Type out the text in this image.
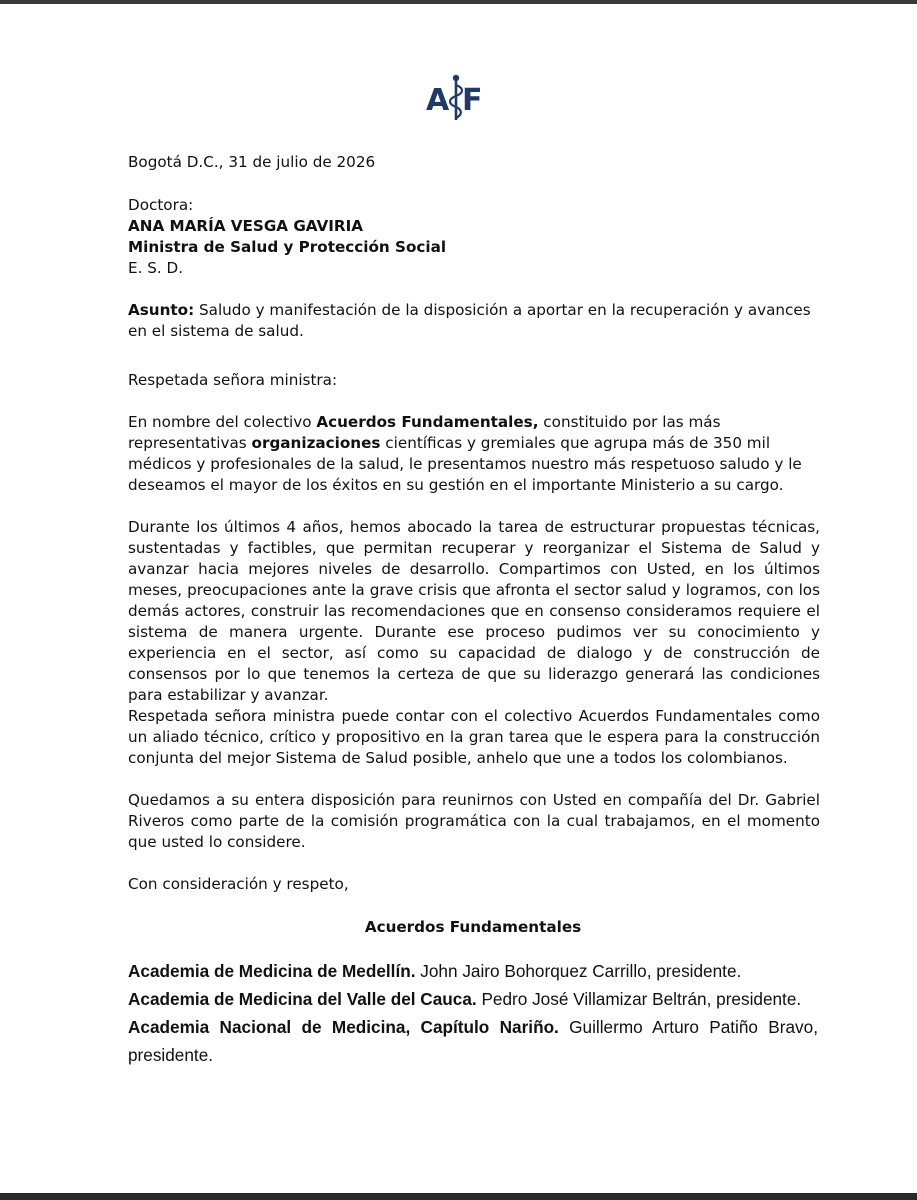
A F

Bogotá D.C., 31 de julio de 2026

Doctora:
ANA MARÍA VESGA GAVIRIA
Ministra de Salud y Protección Social
E. S. D.

Asunto: Saludo y manifestación de la disposición a aportar en la recuperación y avances en el sistema de salud.

Respetada señora ministra:

En nombre del colectivo Acuerdos Fundamentales, constituido por las más representativas organizaciones científicas y gremiales que agrupa más de 350 mil médicos y profesionales de la salud, le presentamos nuestro más respetuoso saludo y le deseamos el mayor de los éxitos en su gestión en el importante Ministerio a su cargo.

Durante los últimos 4 años, hemos abocado la tarea de estructurar propuestas técnicas, sustentadas y factibles, que permitan recuperar y reorganizar el Sistema de Salud y avanzar hacia mejores niveles de desarrollo. Compartimos con Usted, en los últimos meses, preocupaciones ante la grave crisis que afronta el sector salud y logramos, con los demás actores, construir las recomendaciones que en consenso consideramos requiere el sistema de manera urgente. Durante ese proceso pudimos ver su conocimiento y experiencia en el sector, así como su capacidad de dialogo y de construcción de consensos por lo que tenemos la certeza de que su liderazgo generará las condiciones para estabilizar y avanzar.

Respetada señora ministra puede contar con el colectivo Acuerdos Fundamentales como un aliado técnico, crítico y propositivo en la gran tarea que le espera para la construcción conjunta del mejor Sistema de Salud posible, anhelo que une a todos los colombianos.

Quedamos a su entera disposición para reunirnos con Usted en compañía del Dr. Gabriel Riveros como parte de la comisión programática con la cual trabajamos, en el momento que usted lo considere.

Con consideración y respeto,

Acuerdos Fundamentales

Academia de Medicina de Medellín. John Jairo Bohorquez Carrillo, presidente.

Academia de Medicina del Valle del Cauca. Pedro José Villamizar Beltrán, presidente.

Academia Nacional de Medicina, Capítulo Nariño. Guillermo Arturo Patiño Bravo, presidente.
